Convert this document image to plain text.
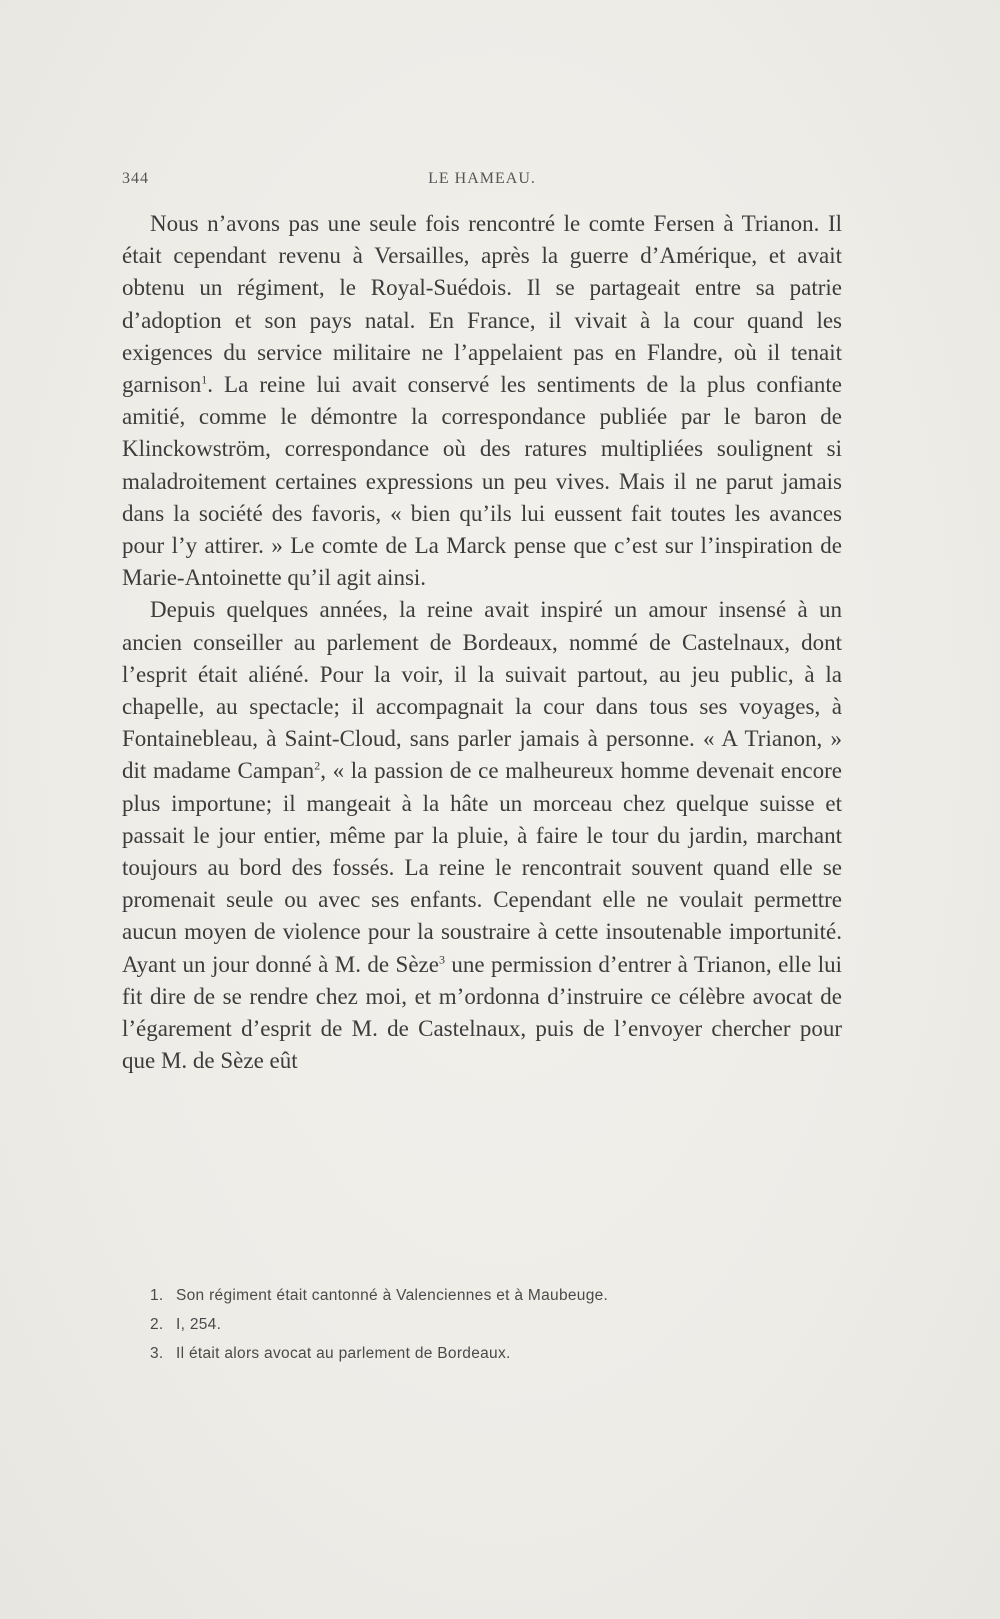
344	LE HAMEAU.

Nous n’avons pas une seule fois rencontré le comte Fersen à Trianon. Il était cependant revenu à Versailles, après la guerre d’Amérique, et avait obtenu un régiment, le Royal-Suédois. Il se partageait entre sa patrie d’adoption et son pays natal. En France, il vivait à la cour quand les exigences du service militaire ne l’appelaient pas en Flandre, où il tenait garnison$^1$. La reine lui avait conservé les sentiments de la plus confiante amitié, comme le démontre la correspondance publiée par le baron de Klinckowström, correspondance où des ratures multipliées soulignent si maladroitement certaines expressions un peu vives. Mais il ne parut jamais dans la société des favoris, « bien qu’ils lui eussent fait toutes les avances pour l’y attirer. » Le comte de La Marck pense que c’est sur l’inspiration de Marie-Antoinette qu’il agit ainsi.

Depuis quelques années, la reine avait inspiré un amour insensé à un ancien conseiller au parlement de Bordeaux, nommé de Castelnaux, dont l’esprit était aliéné. Pour la voir, il la suivait partout, au jeu public, à la chapelle, au spectacle; il accompagnait la cour dans tous ses voyages, à Fontainebleau, à Saint-Cloud, sans parler jamais à personne. « A Trianon, » dit madame Campan$^2$, « la passion de ce malheureux homme devenait encore plus importune; il mangeait à la hâte un morceau chez quelque suisse et passait le jour entier, même par la pluie, à faire le tour du jardin, marchant toujours au bord des fossés. La reine le rencontrait souvent quand elle se promenait seule ou avec ses enfants. Cependant elle ne voulait permettre aucun moyen de violence pour la soustraire à cette insoutenable importunité. Ayant un jour donné à M. de Sèze$^3$ une permission d’entrer à Trianon, elle lui fit dire de se rendre chez moi, et m’ordonna d’instruire ce célèbre avocat de l’égarement d’esprit de M. de Castelnaux, puis de l’envoyer chercher pour que M. de Sèze eût

1. Son régiment était cantonné à Valenciennes et à Maubeuge.
2. I, 254.
3. Il était alors avocat au parlement de Bordeaux.
